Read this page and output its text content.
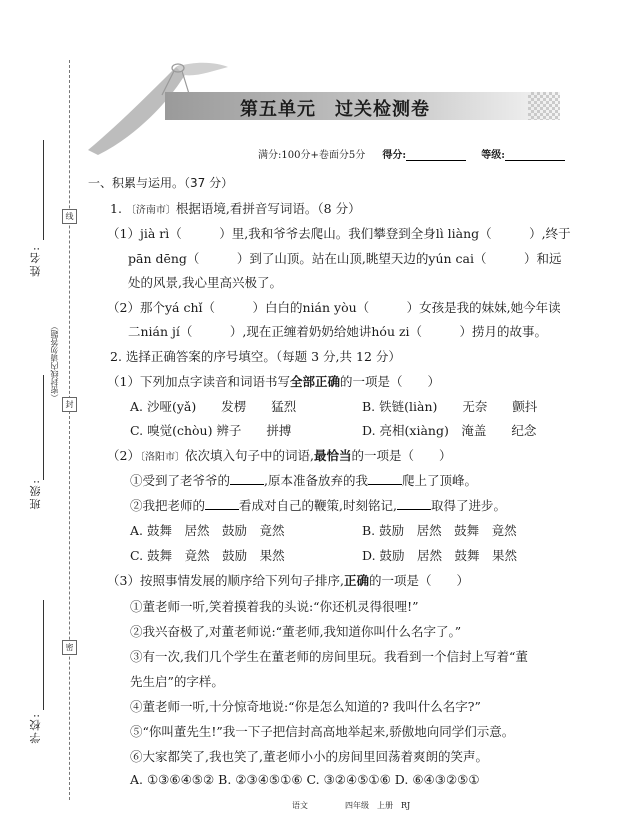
线
封
密
（密封线内请勿答题）
姓名:
班级:
学校:
第五单元　过关检测卷
满分:100分+卷面分5分 得分:	等级:
一、积累与运用。（37 分）
1. 〔济南市〕根据语境,看拼音写词语。（8 分）
（1）jià rì（　　　）里,我和爷爷去爬山。我们攀登到全身lì liàng（　　　）,终于
pān dēng（　　　）到了山顶。站在山顶,眺望天边的yún cai（　　　）和远
处的风景,我心里高兴极了。
（2）那个yá chǐ（　　　）白白的nián yòu（　　　）女孩是我的妹妹,她今年读
二nián jí（　　　）,现在正缠着奶奶给她讲hóu zi（　　　）捞月的故事。
2. 选择正确答案的序号填空。（每题 3 分,共 12 分）
（1）下列加点字读音和词语书写全部正确的一项是（　　）
A. 沙哑(yǎ)　　发楞　　猛烈	B. 铁链(liàn)　　无奈　　颤抖
C. 嗅觉(chòu) 辨子　　拼搏	D. 亮相(xiàng)　淹盖　　纪念
（2）〔洛阳市〕依次填入句子中的词语,最恰当的一项是（　　）
①受到了老爷爷的	,原本准备放弃的我	爬上了顶峰。
②我把老师的	看成对自己的鞭策,时刻铭记,	取得了进步。
A. 鼓舞　居然　鼓励　竟然	B. 鼓励　居然　鼓舞　竟然
C. 鼓舞　竟然　鼓励　果然	D. 鼓励　居然　鼓舞　果然
（3）按照事情发展的顺序给下列句子排序,正确的一项是（　　）
①董老师一听,笑着摸着我的头说:“你还机灵得很哩!”
②我兴奋极了,对董老师说:“董老师,我知道你叫什么名字了。”
③有一次,我们几个学生在董老师的房间里玩。我看到一个信封上写着“董
先生启”的字样。
④董老师一听,十分惊奇地说:“你是怎么知道的? 我叫什么名字?”
⑤“你叫董先生!”我一下子把信封高高地举起来,骄傲地向同学们示意。
⑥大家都笑了,我也笑了,董老师小小的房间里回荡着爽朗的笑声。
A. ①③⑥④⑤② B. ②③④⑤①⑥ C. ③②④⑤①⑥ D. ⑥④③②⑤①
语文	四年级　上册　RJ
